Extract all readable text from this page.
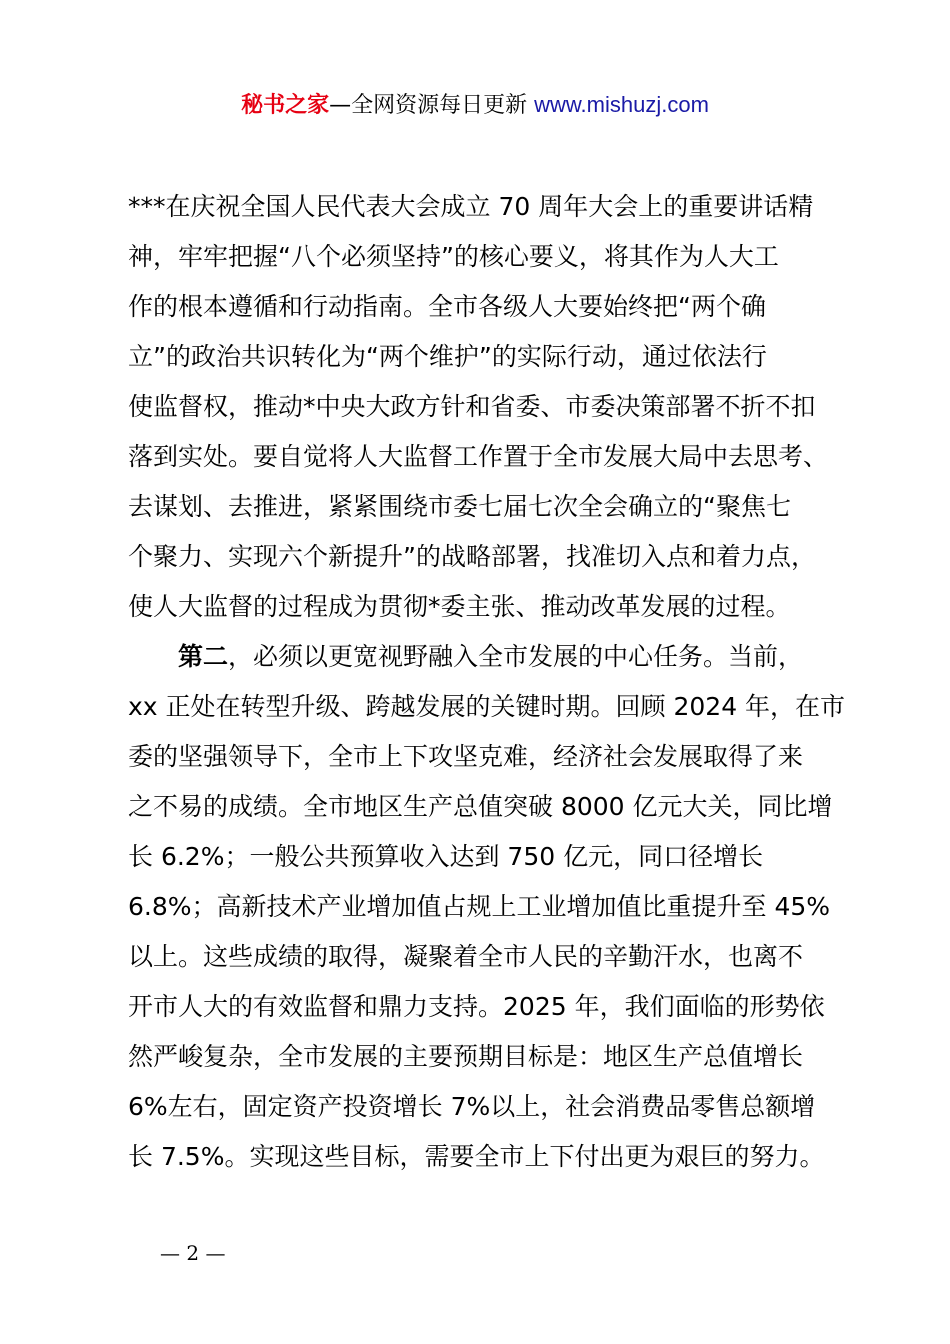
秘书之家—全网资源每日更新 www.mishuzj.com
***在庆祝全国人民代表大会成立 70 周年大会上的重要讲话精
神，牢牢把握“八个必须坚持”的核心要义，将其作为人大工
作的根本遵循和行动指南。全市各级人大要始终把“两个确
立”的政治共识转化为“两个维护”的实际行动，通过依法行
使监督权，推动*中央大政方针和省委、市委决策部署不折不扣
落到实处。要自觉将人大监督工作置于全市发展大局中去思考、
去谋划、去推进，紧紧围绕市委七届七次全会确立的“聚焦七
个聚力、实现六个新提升”的战略部署，找准切入点和着力点，
使人大监督的过程成为贯彻*委主张、推动改革发展的过程。
第二，必须以更宽视野融入全市发展的中心任务。当前，
xx 正处在转型升级、跨越发展的关键时期。回顾 2024 年，在市
委的坚强领导下，全市上下攻坚克难，经济社会发展取得了来
之不易的成绩。全市地区生产总值突破 8000 亿元大关，同比增
长 6.2%；一般公共预算收入达到 750 亿元，同口径增长
6.8%；高新技术产业增加值占规上工业增加值比重提升至 45%
以上。这些成绩的取得，凝聚着全市人民的辛勤汗水，也离不
开市人大的有效监督和鼎力支持。2025 年，我们面临的形势依
然严峻复杂，全市发展的主要预期目标是：地区生产总值增长
6%左右，固定资产投资增长 7%以上，社会消费品零售总额增
长 7.5%。实现这些目标，需要全市上下付出更为艰巨的努力。
— 2 —
